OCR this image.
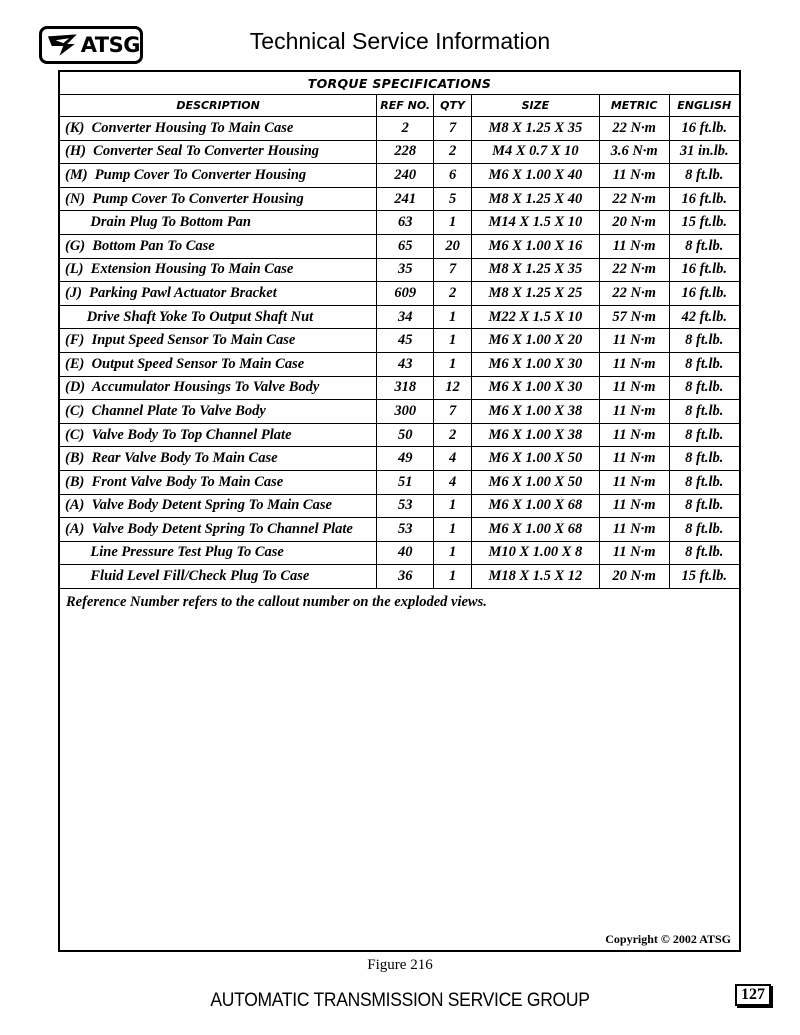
ATSG	Technical Service Information
TORQUE SPECIFICATIONS					
DESCRIPTION	REF NO.	QTY	SIZE	METRIC	ENGLISH
(K)  Converter Housing To Main Case	2	7	M8 X 1.25 X 35	22 N·m	16 ft.lb.
(H)  Converter Seal To Converter Housing	228	2	M4 X 0.7 X 10	3.6 N·m	31 in.lb.
(M)  Pump Cover To Converter Housing	240	6	M6 X 1.00 X 40	11 N·m	8 ft.lb.
(N)  Pump Cover To Converter Housing	241	5	M8 X 1.25 X 40	22 N·m	16 ft.lb.
Drain Plug To Bottom Pan	63	1	M14 X 1.5 X 10	20 N·m	15 ft.lb.
(G)  Bottom Pan To Case	65	20	M6 X 1.00 X 16	11 N·m	8 ft.lb.
(L)  Extension Housing To Main Case	35	7	M8 X 1.25 X 35	22 N·m	16 ft.lb.
(J)  Parking Pawl Actuator Bracket	609	2	M8 X 1.25 X 25	22 N·m	16 ft.lb.
Drive Shaft Yoke To Output Shaft Nut	34	1	M22 X 1.5 X 10	57 N·m	42 ft.lb.
(F)  Input Speed Sensor To Main Case	45	1	M6 X 1.00 X 20	11 N·m	8 ft.lb.
(E)  Output Speed Sensor To Main Case	43	1	M6 X 1.00 X 30	11 N·m	8 ft.lb.
(D)  Accumulator Housings To Valve Body	318	12	M6 X 1.00 X 30	11 N·m	8 ft.lb.
(C)  Channel Plate To Valve Body	300	7	M6 X 1.00 X 38	11 N·m	8 ft.lb.
(C)  Valve Body To Top Channel Plate	50	2	M6 X 1.00 X 38	11 N·m	8 ft.lb.
(B)  Rear Valve Body To Main Case	49	4	M6 X 1.00 X 50	11 N·m	8 ft.lb.
(B)  Front Valve Body To Main Case	51	4	M6 X 1.00 X 50	11 N·m	8 ft.lb.
(A)  Valve Body Detent Spring To Main Case	53	1	M6 X 1.00 X 68	11 N·m	8 ft.lb.
(A)  Valve Body Detent Spring To Channel Plate	53	1	M6 X 1.00 X 68	11 N·m	8 ft.lb.
Line Pressure Test Plug To Case	40	1	M10 X 1.00 X 8	11 N·m	8 ft.lb.
Fluid Level Fill/Check Plug To Case	36	1	M18 X 1.5 X 12	20 N·m	15 ft.lb.
Reference Number refers to the callout number on the exploded views.
Copyright © 2002 ATSG
Figure 216
AUTOMATIC TRANSMISSION SERVICE GROUP	127
